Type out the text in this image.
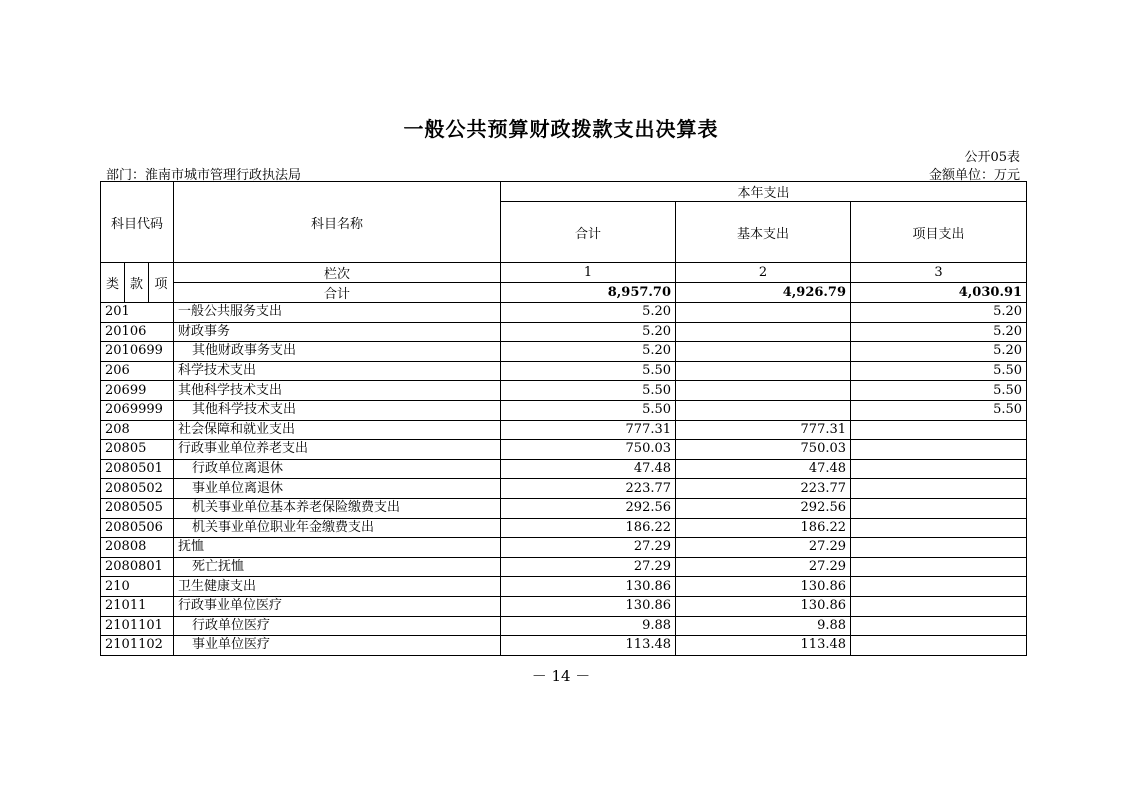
一般公共预算财政拨款支出决算表
公开05表
部门：淮南市城市管理行政执法局	金额单位：万元
科目代码			科目名称	本年支出		
				合计	基本支出	项目支出
类	款	项	栏次	1	2	3
			合计	8,957.70	4,926.79	4,030.91
201			一般公共服务支出	5.20		5.20
20106			财政事务	5.20		5.20
2010699			其他财政事务支出	5.20		5.20
206			科学技术支出	5.50		5.50
20699			其他科学技术支出	5.50		5.50
2069999			其他科学技术支出	5.50		5.50
208			社会保障和就业支出	777.31	777.31	
20805			行政事业单位养老支出	750.03	750.03	
2080501			行政单位离退休	47.48	47.48	
2080502			事业单位离退休	223.77	223.77	
2080505			机关事业单位基本养老保险缴费支出	292.56	292.56	
2080506			机关事业单位职业年金缴费支出	186.22	186.22	
20808			抚恤	27.29	27.29	
2080801			死亡抚恤	27.29	27.29	
210			卫生健康支出	130.86	130.86	
21011			行政事业单位医疗	130.86	130.86	
2101101			行政单位医疗	9.88	9.88	
2101102			事业单位医疗	113.48	113.48	
－ 14 －
